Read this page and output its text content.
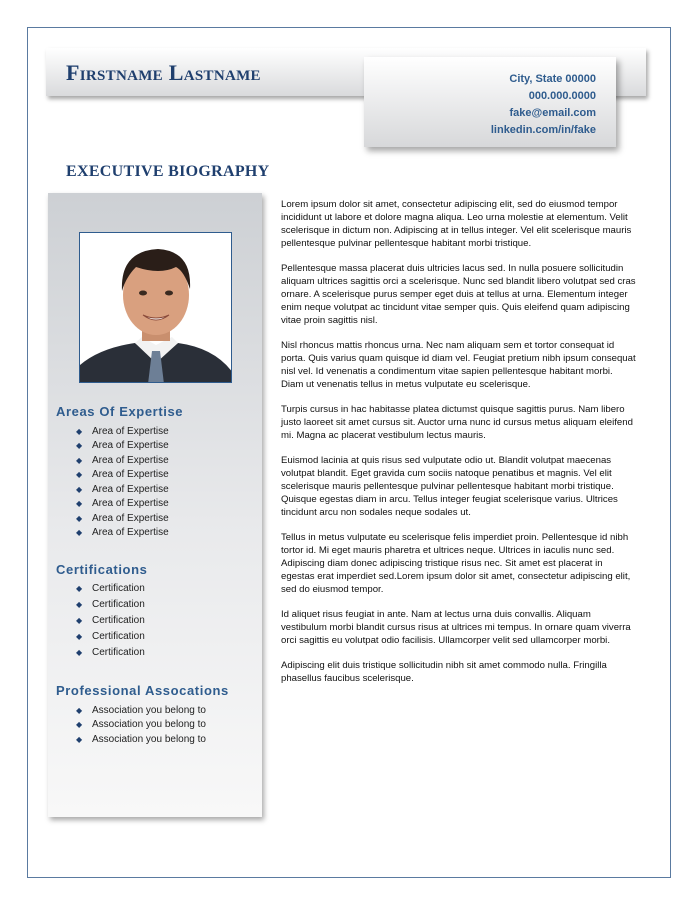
Firstname Lastname	City, State 00000
000.000.0000
fake@email.com
linkedin.com/in/fake
EXECUTIVE BIOGRAPHY
Areas Of Expertise
◆ Area of Expertise
◆ Area of Expertise
◆ Area of Expertise
◆ Area of Expertise
◆ Area of Expertise
◆ Area of Expertise
◆ Area of Expertise
◆ Area of Expertise
Certifications
◆ Certification
◆ Certification
◆ Certification
◆ Certification
◆ Certification
Professional Assocations
◆ Association you belong to
◆ Association you belong to
◆ Association you belong to

Lorem ipsum dolor sit amet, consectetur adipiscing elit, sed do eiusmod tempor incididunt ut labore et dolore magna aliqua. Leo urna molestie at elementum. Velit scelerisque in dictum non. Adipiscing at in tellus integer. Vel elit scelerisque mauris pellentesque pulvinar pellentesque habitant morbi tristique.

Pellentesque massa placerat duis ultricies lacus sed. In nulla posuere sollicitudin aliquam ultrices sagittis orci a scelerisque. Nunc sed blandit libero volutpat sed cras ornare. A scelerisque purus semper eget duis at tellus at urna. Elementum integer enim neque volutpat ac tincidunt vitae semper quis. Quis eleifend quam adipiscing vitae proin sagittis nisl.

Nisl rhoncus mattis rhoncus urna. Nec nam aliquam sem et tortor consequat id porta. Quis varius quam quisque id diam vel. Feugiat pretium nibh ipsum consequat nisl vel. Id venenatis a condimentum vitae sapien pellentesque habitant morbi. Diam ut venenatis tellus in metus vulputate eu scelerisque.

Turpis cursus in hac habitasse platea dictumst quisque sagittis purus. Nam libero justo laoreet sit amet cursus sit. Auctor urna nunc id cursus metus aliquam eleifend mi. Magna ac placerat vestibulum lectus mauris.

Euismod lacinia at quis risus sed vulputate odio ut. Blandit volutpat maecenas volutpat blandit. Eget gravida cum sociis natoque penatibus et magnis. Vel elit scelerisque mauris pellentesque pulvinar pellentesque habitant morbi tristique. Quisque egestas diam in arcu. Tellus integer feugiat scelerisque varius. Ultrices tincidunt arcu non sodales neque sodales ut.

Tellus in metus vulputate eu scelerisque felis imperdiet proin. Pellentesque id nibh tortor id. Mi eget mauris pharetra et ultrices neque. Ultrices in iaculis nunc sed. Adipiscing diam donec adipiscing tristique risus nec. Sit amet est placerat in egestas erat imperdiet sed.Lorem ipsum dolor sit amet, consectetur adipiscing elit, sed do eiusmod tempor.

Id aliquet risus feugiat in ante. Nam at lectus urna duis convallis. Aliquam vestibulum morbi blandit cursus risus at ultrices mi tempus. In ornare quam viverra orci sagittis eu volutpat odio facilisis. Ullamcorper velit sed ullamcorper morbi.

Adipiscing elit duis tristique sollicitudin nibh sit amet commodo nulla. Fringilla phasellus faucibus scelerisque.
